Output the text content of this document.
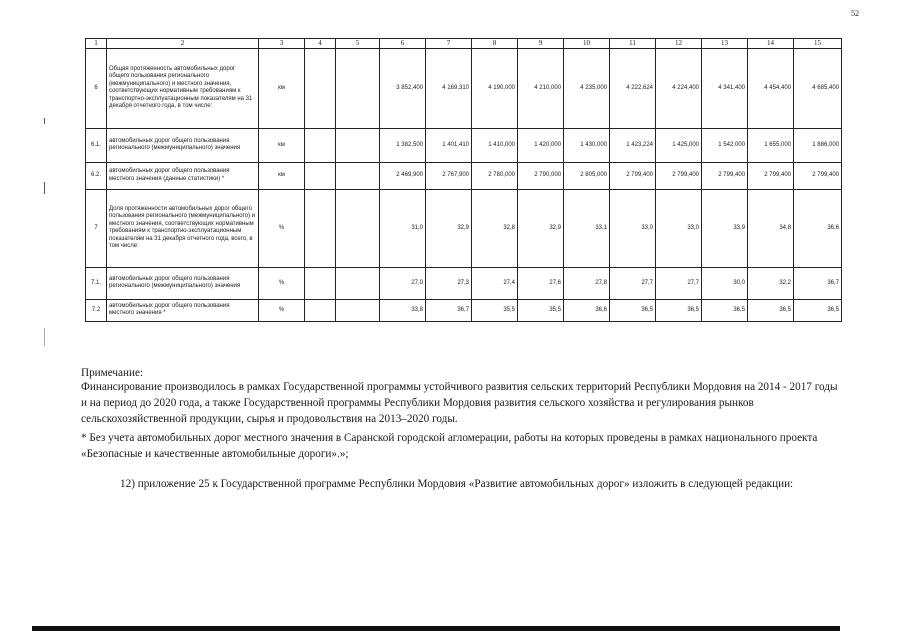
52
1	2	3	4	5	6	7	8	9	10	11	12	13	14	15
6	Общая протяженность автомобильных дорог общего пользования регионального (межмуниципального) и местного значения, соответствующих нормативным требованиям к транспортно-эксплуатационным показателям на 31 декабря отчетного года, в том числе:	км			3 852,400	4 169,310	4 190,000	4 210,000	4 235,000	4 222,624	4 224,400	4 341,400	4 454,400	4 685,400
6.1.	автомобильных дорог общего пользования регионального (межмуниципального) значения	км			1 382,500	1 401,410	1 410,000	1 420,000	1 430,000	1 423,224	1 425,000	1 542,000	1 655,000	1 886,000
6.2.	автомобильных дорог общего пользования местного значения (данные статистики) *	км			2 469,900	2 767,900	2 780,000	2 790,000	2 805,000	2 799,400	2 799,400	2 799,400	2 799,400	2 799,400
7	Доля протяженности автомобильных дорог общего пользования регионального (межмуниципального) и местного значения, соответствующих нормативным требованиям к транспортно-эксплуатационным показателям на 31 декабря отчетного года, всего, в том числе:	%			31,0	32,9	32,8	32,9	33,1	33,0	33,0	33,9	34,8	36,6
7.1.	автомобильных дорог общего пользования регионального (межмуниципального) значения	%			27,0	27,3	27,4	27,6	27,8	27,7	27,7	30,0	32,2	36,7
7.2	автомобильных дорог общего пользования местного значения *	%			33,8	36,7	35,5	35,5	36,6	36,5	36,5	36,5	36,5	36,5
Примечание:
Финансирование производилось в рамках Государственной программы устойчивого развития сельских территорий Республики Мордовия на 2014 - 2017 годы и на период до 2020 года, а также Государственной программы Республики Мордовия развития сельского хозяйства и регулирования рынков сельскохозяйственной продукции, сырья и продовольствия на 2013–2020 годы.
* Без учета автомобильных дорог местного значения в Саранской городской агломерации, работы на которых проведены в рамках национального проекта «Безопасные и качественные автомобильные дороги».»;
12) приложение 25 к Государственной программе Республики Мордовия «Развитие автомобильных дорог» изложить в следующей редакции:
